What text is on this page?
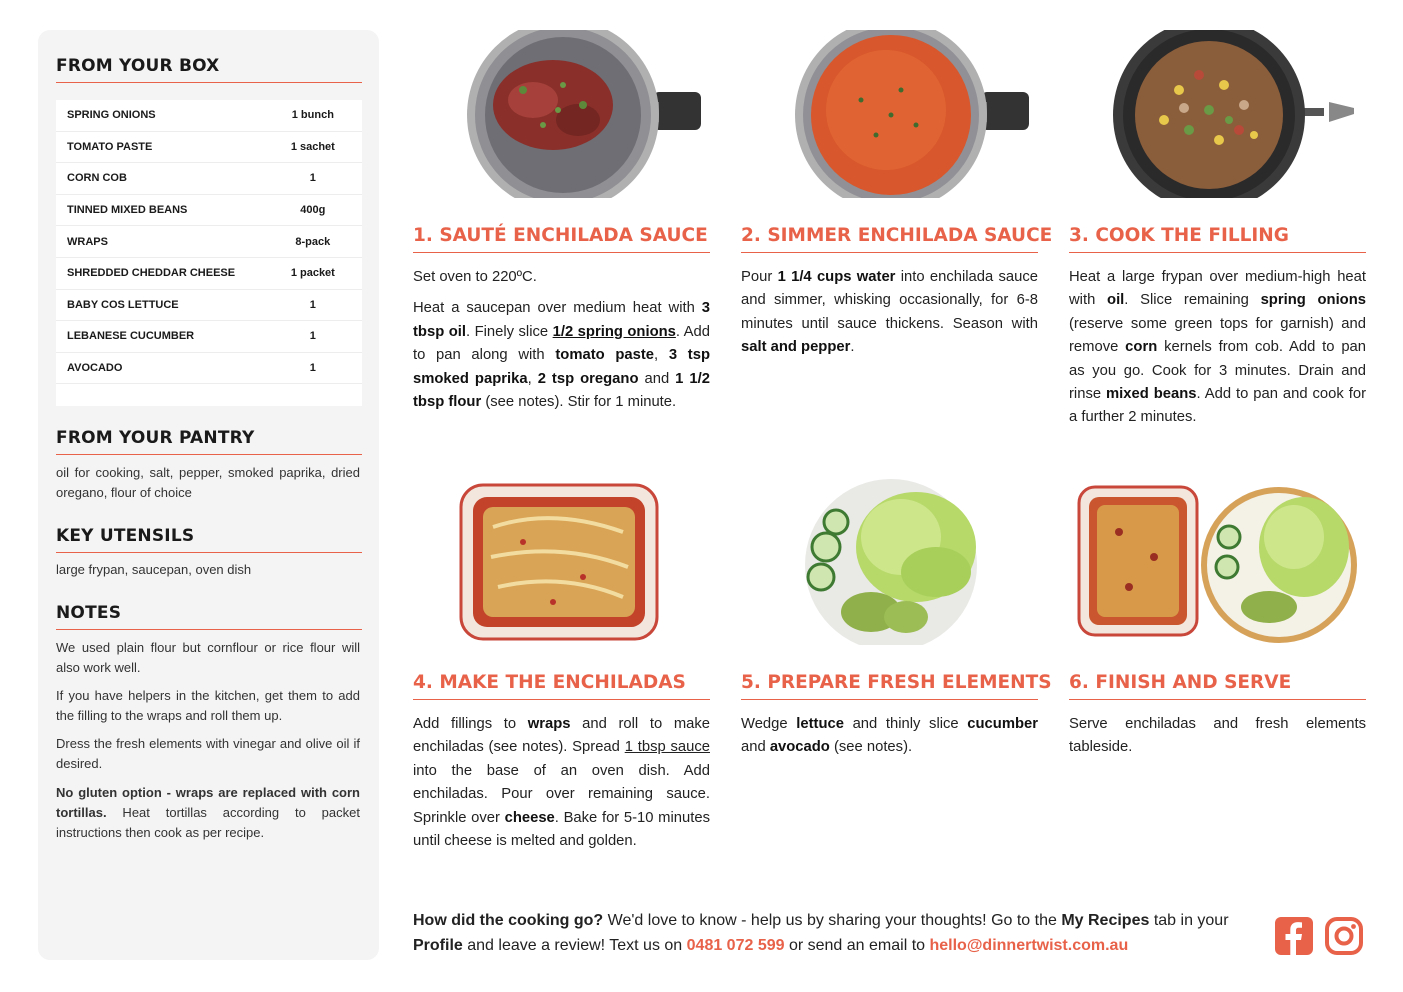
FROM YOUR BOX
SPRING ONIONS	1 bunch
TOMATO PASTE	1 sachet
CORN COB	1
TINNED MIXED BEANS	400g
WRAPS	8-pack
SHREDDED CHEDDAR CHEESE	1 packet
BABY COS LETTUCE	1
LEBANESE CUCUMBER	1
AVOCADO	1
FROM YOUR PANTRY

oil for cooking, salt, pepper, smoked paprika, dried oregano, flour of choice

KEY UTENSILS

large frypan, saucepan, oven dish

NOTES

We used plain flour but cornflour or rice flour will also work well.

If you have helpers in the kitchen, get them to add the filling to the wraps and roll them up.

Dress the fresh elements with vinegar and olive oil if desired.

No gluten option - wraps are replaced with corn tortillas. Heat tortillas according to packet instructions then cook as per recipe.

1. SAUTÉ ENCHILADA SAUCE

Set oven to 220ºC.

Heat a saucepan over medium heat with 3 tbsp oil. Finely slice 1/2 spring onions. Add to pan along with tomato paste, 3 tsp smoked paprika, 2 tsp oregano and 1 1/2 tbsp flour (see notes). Stir for 1 minute.

2. SIMMER ENCHILADA SAUCE

Pour 1 1/4 cups water into enchilada sauce and simmer, whisking occasionally, for 6-8 minutes until sauce thickens. Season with salt and pepper.

3. COOK THE FILLING

Heat a large frypan over medium-high heat with oil. Slice remaining spring onions (reserve some green tops for garnish) and remove corn kernels from cob. Add to pan as you go. Cook for 3 minutes. Drain and rinse mixed beans. Add to pan and cook for a further 2 minutes.

4. MAKE THE ENCHILADAS

Add fillings to wraps and roll to make enchiladas (see notes). Spread 1 tbsp sauce into the base of an oven dish. Add enchiladas. Pour over remaining sauce. Sprinkle over cheese. Bake for 5-10 minutes until cheese is melted and golden.

5. PREPARE FRESH ELEMENTS

Wedge lettuce and thinly slice cucumber and avocado (see notes).

6. FINISH AND SERVE

Serve enchiladas and fresh elements tableside.

How did the cooking go? We'd love to know - help us by sharing your thoughts! Go to the My Recipes tab in your Profile and leave a review! Text us on 0481 072 599 or send an email to hello@dinnertwist.com.au
